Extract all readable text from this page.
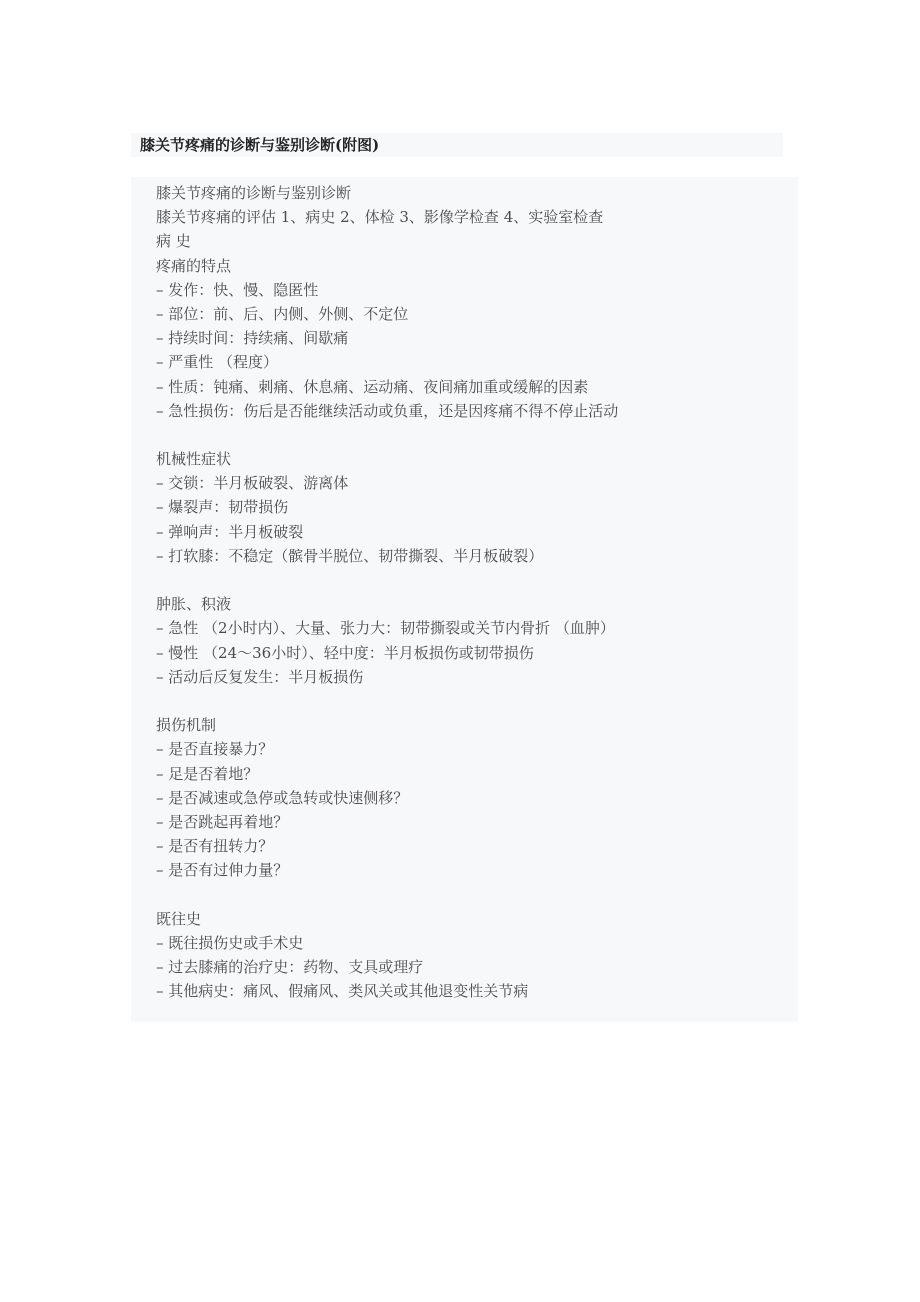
膝关节疼痛的诊断与鉴别诊断(附图)
膝关节疼痛的诊断与鉴别诊断
膝关节疼痛的评估 1、病史 2、体检 3、影像学检查 4、实验室检查
病 史
疼痛的特点
– 发作：快、慢、隐匿性
– 部位：前、后、内侧、外侧、不定位
– 持续时间：持续痛、间歇痛
– 严重性 （程度）
– 性质：钝痛、刺痛、休息痛、运动痛、夜间痛加重或缓解的因素
– 急性损伤：伤后是否能继续活动或负重，还是因疼痛不得不停止活动
机械性症状
– 交锁：半月板破裂、游离体
– 爆裂声：韧带损伤
– 弹响声：半月板破裂
– 打软膝：不稳定（髌骨半脱位、韧带撕裂、半月板破裂）
肿胀、积液
– 急性 （2小时内）、大量、张力大：韧带撕裂或关节内骨折 （血肿）
– 慢性 （24～36小时）、轻中度：半月板损伤或韧带损伤
– 活动后反复发生：半月板损伤
损伤机制
– 是否直接暴力？
– 足是否着地？
– 是否减速或急停或急转或快速侧移？
– 是否跳起再着地？
– 是否有扭转力？
– 是否有过伸力量？
既往史
– 既往损伤史或手术史
– 过去膝痛的治疗史：药物、支具或理疗
– 其他病史：痛风、假痛风、类风关或其他退变性关节病
